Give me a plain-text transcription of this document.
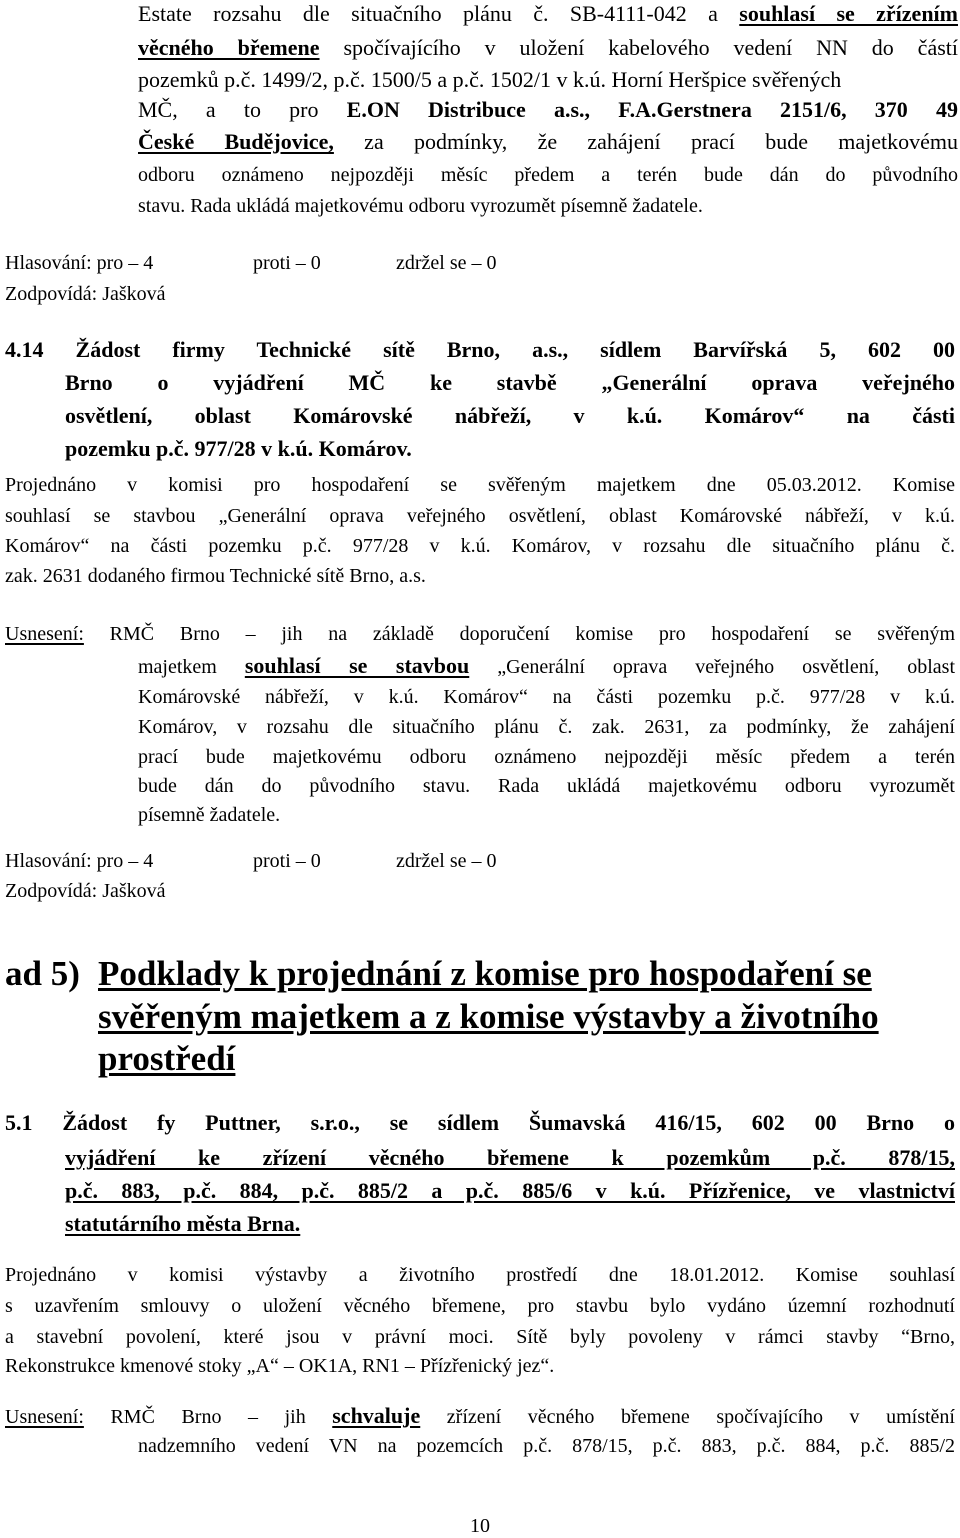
Estate rozsahu dle situačního plánu č. SB-4111-042 a souhlasí se zřízením
věcného břemene spočívajícího v uložení kabelového vedení NN do částí
pozemků p.č. 1499/2, p.č. 1500/5 a p.č. 1502/1 v k.ú. Horní Heršpice svěřených
MČ, a to pro E.ON Distribuce a.s., F.A.Gerstnera 2151/6, 370 49
České Budějovice, za podmínky, že zahájení prací bude majetkovému
odboru oznámeno nejpozději měsíc předem a terén bude dán do původního
stavu. Rada ukládá majetkovému odboru vyrozumět písemně žadatele.
Hlasování: pro – 4	proti – 0	zdržel se – 0
Zodpovídá: Jašková
4.14 Žádost firmy Technické sítě Brno, a.s., sídlem Barvířská 5, 602 00
Brno o vyjádření MČ ke stavbě „Generální oprava veřejného
osvětlení, oblast Komárovské nábřeží, v k.ú. Komárov“ na části
pozemku p.č. 977/28 v k.ú. Komárov.
Projednáno v komisi pro hospodaření se svěřeným majetkem dne 05.03.2012. Komise
souhlasí se stavbou „Generální oprava veřejného osvětlení, oblast Komárovské nábřeží, v k.ú.
Komárov“ na části pozemku p.č. 977/28 v k.ú. Komárov, v rozsahu dle situačního plánu č.
zak. 2631 dodaného firmou Technické sítě Brno, a.s.
Usnesení: RMČ Brno – jih na základě doporučení komise pro hospodaření se svěřeným
majetkem souhlasí se stavbou „Generální oprava veřejného osvětlení, oblast
Komárovské nábřeží, v k.ú. Komárov“ na části pozemku p.č. 977/28 v k.ú.
Komárov, v rozsahu dle situačního plánu č. zak. 2631, za podmínky, že zahájení
prací bude majetkovému odboru oznámeno nejpozději měsíc předem a terén
bude dán do původního stavu. Rada ukládá majetkovému odboru vyrozumět
písemně žadatele.
Hlasování: pro – 4	proti – 0	zdržel se – 0
Zodpovídá: Jašková
ad 5) Podklady k projednání z komise pro hospodaření se
svěřeným majetkem a z komise výstavby a životního
prostředí
5.1 Žádost fy Puttner, s.r.o., se sídlem Šumavská 416/15, 602 00 Brno o
vyjádření ke zřízení věcného břemene k pozemkům p.č. 878/15,
p.č. 883, p.č. 884, p.č. 885/2 a p.č. 885/6 v k.ú. Přízřenice, ve vlastnictví
statutárního města Brna.
Projednáno v komisi výstavby a životního prostředí dne 18.01.2012. Komise souhlasí
s uzavřením smlouvy o uložení věcného břemene, pro stavbu bylo vydáno územní rozhodnutí
a stavební povolení, které jsou v právní moci. Sítě byly povoleny v rámci stavby “Brno,
Rekonstrukce kmenové stoky „A“ – OK1A, RN1 – Přízřenický jez“.
Usnesení: RMČ Brno – jih schvaluje zřízení věcného břemene spočívajícího v umístění
nadzemního vedení VN na pozemcích p.č. 878/15, p.č. 883, p.č. 884, p.č. 885/2
10
